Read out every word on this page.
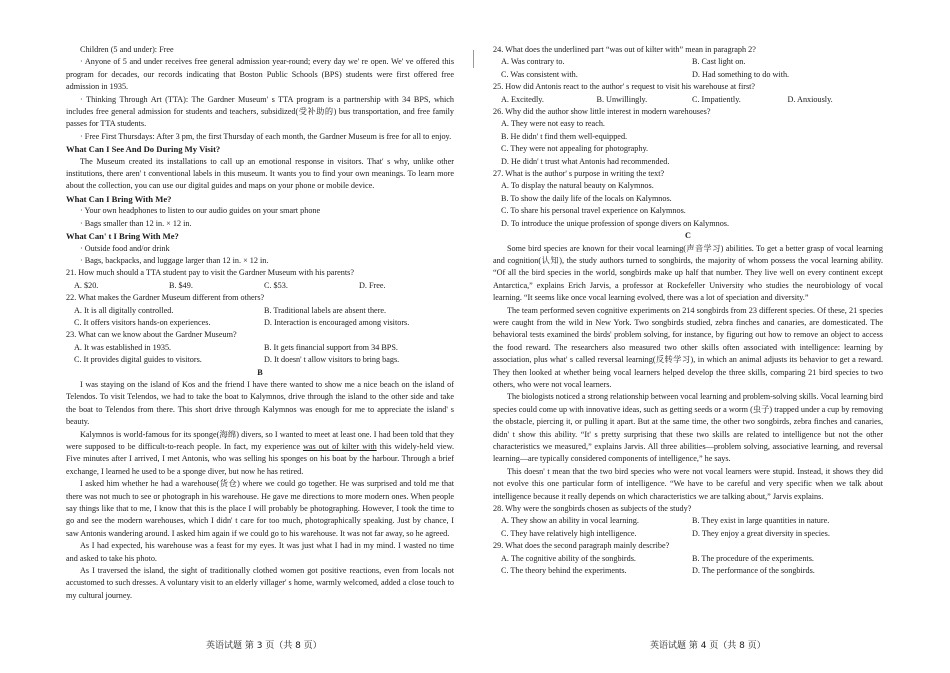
Children (5 and under): Free

· Anyone of 5 and under receives free general admission year-round; every day we' re open. We' ve offered this program for decades, our records indicating that Boston Public Schools (BPS) students were first offered free admission in 1935.

· Thinking Through Art (TTA): The Gardner Museum' s TTA program is a partnership with 34 BPS, which includes free general admission for students and teachers, subsidized(受补助的) bus transportation, and free family passes for TTA students.

· Free First Thursdays: After 3 pm, the first Thursday of each month, the Gardner Museum is free for all to enjoy.

What Can I See And Do During My Visit?

The Museum created its installations to call up an emotional response in visitors. That' s why, unlike other institutions, there aren' t conventional labels in this museum. It wants you to find your own meanings. To learn more about the collection, you can use our digital guides and maps on your phone or mobile device.

What Can I Bring With Me?

· Your own headphones to listen to our audio guides on your smart phone

· Bags smaller than 12 in. × 12 in.

What Can' t I Bring With Me?

· Outside food and/or drink

· Bags, backpacks, and luggage larger than 12 in. × 12 in.

21. How much should a TTA student pay to visit the Gardner Museum with his parents?

A. $20.	B. $49.	C. $53.	D. Free.

22. What makes the Gardner Museum different from others?

A. It is all digitally controlled.	B. Traditional labels are absent there.
C. It offers visitors hands-on experiences.	D. Interaction is encouraged among visitors.

23. What can we know about the Gardner Museum?

A. It was established in 1935.	B. It gets financial support from 34 BPS.
C. It provides digital guides to visitors.	D. It doesn' t allow visitors to bring bags.

B

I was staying on the island of Kos and the friend I have there wanted to show me a nice beach on the island of Telendos. To visit Telendos, we had to take the boat to Kalymnos, drive through the island to the other side and take the boat to Telendos from there. This short drive through Kalymnos was enough for me to appreciate the island' s beauty.

Kalymnos is world-famous for its sponge(海绵) divers, so I wanted to meet at least one. I had been told that they were supposed to be difficult-to-reach people. In fact, my experience was out of kilter with this widely-held view. Five minutes after I arrived, I met Antonis, who was selling his sponges on his boat by the harbour. Through a brief exchange, I learned he used to be a sponge diver, but now he has retired.

I asked him whether he had a warehouse(货仓) where we could go together. He was surprised and told me that there was not much to see or photograph in his warehouse. He gave me directions to more modern ones. When people say things like that to me, I know that this is the place I will probably be photographing. However, I took the time to go and see the modern warehouses, which I didn' t care for too much, photographically speaking. Just by chance, I saw Antonis wandering around. I asked him again if we could go to his warehouse. It was not far away, so he agreed.

As I had expected, his warehouse was a feast for my eyes. It was just what I had in my mind. I wasted no time and asked to take his photo.

As I traversed the island, the sight of traditionally clothed women got positive reactions, even from locals not accustomed to such dresses. A voluntary visit to an elderly villager' s home, warmly welcomed, added a close touch to my cultural journey.

24. What does the underlined part “was out of kilter with” mean in paragraph 2?

A. Was contrary to.	B. Cast light on.
C. Was consistent with.	D. Had something to do with.

25. How did Antonis react to the author' s request to visit his warehouse at first?

A. Excitedly.	B. Unwillingly.	C. Impatiently.	D. Anxiously.

26. Why did the author show little interest in modern warehouses?

A. They were not easy to reach.
B. He didn' t find them well-equipped.
C. They were not appealing for photography.
D. He didn' t trust what Antonis had recommended.

27. What is the author' s purpose in writing the text?

A. To display the natural beauty on Kalymnos.
B. To show the daily life of the locals on Kalymnos.
C. To share his personal travel experience on Kalymnos.
D. To introduce the unique profession of sponge divers on Kalymnos.

C

Some bird species are known for their vocal learning(声音学习) abilities. To get a better grasp of vocal learning and cognition(认知), the study authors turned to songbirds, the majority of whom possess the vocal learning ability. “Of all the bird species in the world, songbirds make up half that number. They live well on every continent except Antarctica,” explains Erich Jarvis, a professor at Rockefeller University who studies the neurobiology of vocal learning. “It seems like once vocal learning evolved, there was a lot of speciation and diversity.”

The team performed seven cognitive experiments on 214 songbirds from 23 different species. Of these, 21 species were caught from the wild in New York. Two songbirds studied, zebra finches and canaries, are domesticated. The behavioral tests examined the birds' problem solving, for instance, by figuring out how to remove an object to access the food reward. The researchers also measured two other skills often associated with intelligence: learning by association, plus what' s called reversal learning(反转学习), in which an animal adjusts its behavior to get a reward. They then looked at whether being vocal learners helped develop the three skills, comparing 21 bird species to two others, who were not vocal learners.

The biologists noticed a strong relationship between vocal learning and problem-solving skills. Vocal learning bird species could come up with innovative ideas, such as getting seeds or a worm (虫子) trapped under a cup by removing the obstacle, piercing it, or pulling it apart. But at the same time, the other two songbirds, zebra finches and canaries, didn' t show this ability. “It' s pretty surprising that these two skills are related to intelligence but not the other characteristics we measured,” explains Jarvis. All three abilities—problem solving, associative learning, and reversal learning—are typically considered components of intelligence,” he says.

This doesn' t mean that the two bird species who were not vocal learners were stupid. Instead, it shows they did not evolve this one particular form of intelligence. “We have to be careful and very specific when we talk about intelligence because it really depends on which characteristics we are talking about,” Jarvis explains.

28. Why were the songbirds chosen as subjects of the study?

A. They show an ability in vocal learning.	B. They exist in large quantities in nature.
C. They have relatively high intelligence.	D. They enjoy a great diversity in species.

29. What does the second paragraph mainly describe?

A. The cognitive ability of the songbirds.	B. The procedure of the experiments.
C. The theory behind the experiments.	D. The performance of the songbirds.
英语试题 第 3 页（共 8 页）	英语试题 第 4 页（共 8 页）
